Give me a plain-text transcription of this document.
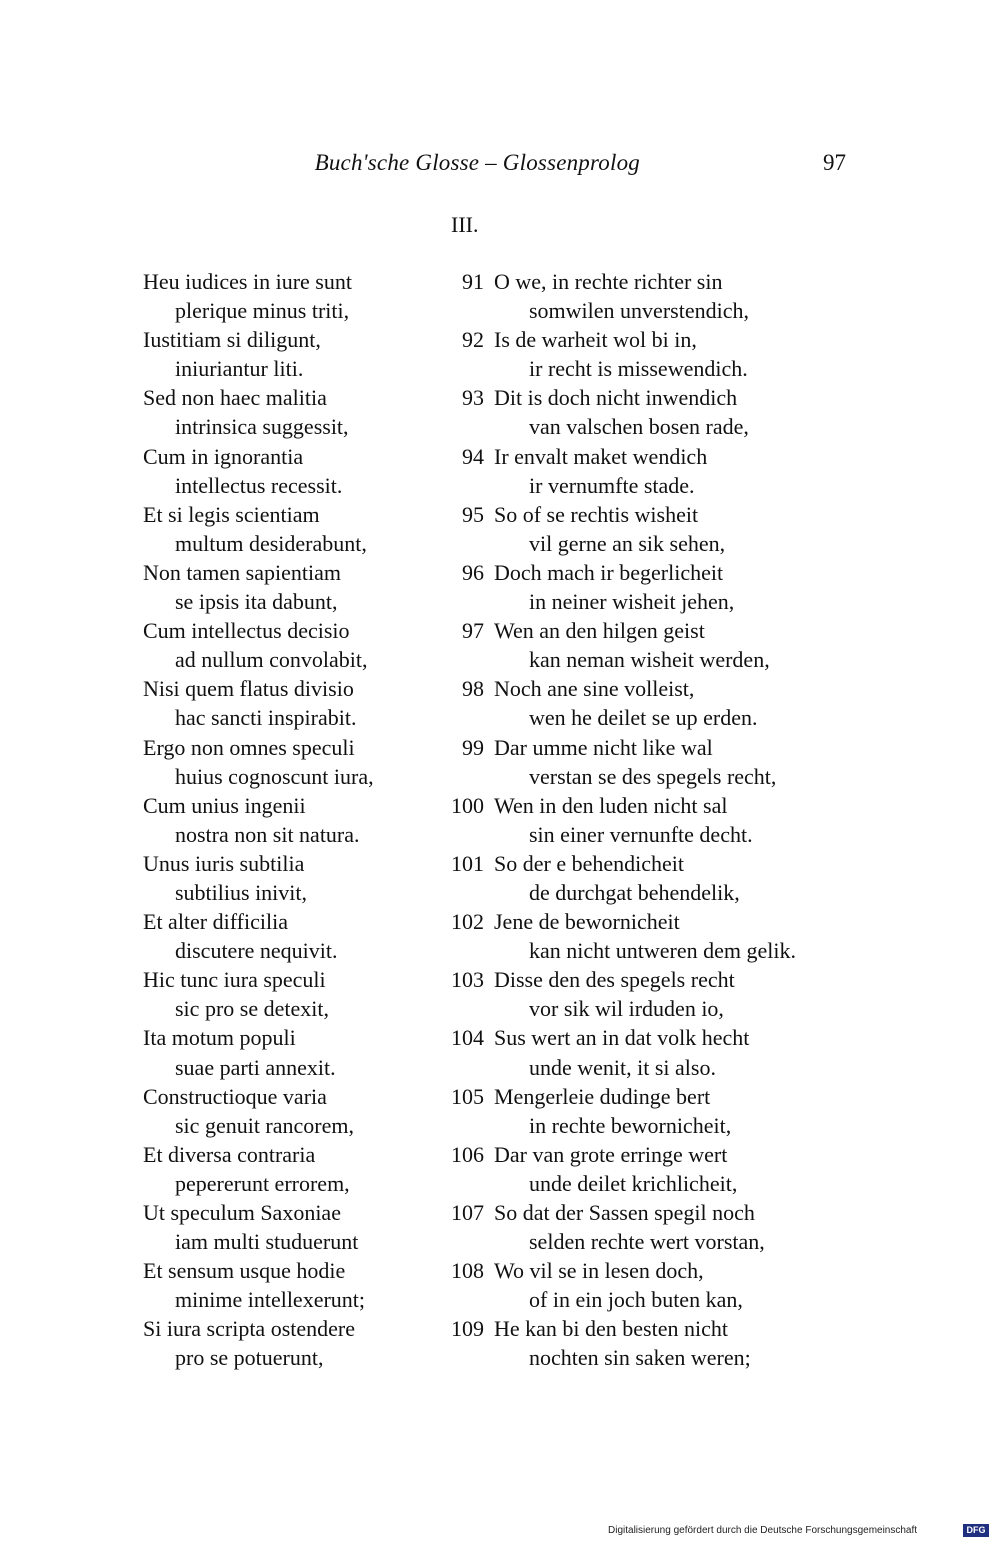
Buch'sche Glosse – Glossenprolog	97
III.
Heu iudices in iure sunt
plerique minus triti,
Iustitiam si diligunt,
iniuriantur liti.
Sed non haec malitia
intrinsica suggessit,
Cum in ignorantia
intellectus recessit.
Et si legis scientiam
multum desiderabunt,
Non tamen sapientiam
se ipsis ita dabunt,
Cum intellectus decisio
ad nullum convolabit,
Nisi quem flatus divisio
hac sancti inspirabit.
Ergo non omnes speculi
huius cognoscunt iura,
Cum unius ingenii
nostra non sit natura.
Unus iuris subtilia
subtilius inivit,
Et alter difficilia
discutere nequivit.
Hic tunc iura speculi
sic pro se detexit,
Ita motum populi
suae parti annexit.
Constructioque varia
sic genuit rancorem,
Et diversa contraria
pepererunt errorem,
Ut speculum Saxoniae
iam multi studuerunt
Et sensum usque hodie
minime intellexerunt;
Si iura scripta ostendere
pro se potuerunt,
91 O we, in rechte richter sin
somwilen unverstendich,
92 Is de warheit wol bi in,
ir recht is missewendich.
93 Dit is doch nicht inwendich
van valschen bosen rade,
94 Ir envalt maket wendich
ir vernumfte stade.
95 So of se rechtis wisheit
vil gerne an sik sehen,
96 Doch mach ir begerlicheit
in neiner wisheit jehen,
97 Wen an den hilgen geist
kan neman wisheit werden,
98 Noch ane sine volleist,
wen he deilet se up erden.
99 Dar umme nicht like wal
verstan se des spegels recht,
100 Wen in den luden nicht sal
sin einer vernunfte decht.
101 So der e behendicheit
de durchgat behendelik,
102 Jene de bewornicheit
kan nicht untweren dem gelik.
103 Disse den des spegels recht
vor sik wil irduden io,
104 Sus wert an in dat volk hecht
unde wenit, it si also.
105 Mengerleie dudinge bert
in rechte bewornicheit,
106 Dar van grote erringe wert
unde deilet krichlicheit,
107 So dat der Sassen spegil noch
selden rechte wert vorstan,
108 Wo vil se in lesen doch,
of in ein joch buten kan,
109 He kan bi den besten nicht
nochten sin saken weren;
Digitalisierung gefördert durch die Deutsche Forschungsgemeinschaft	DFG
